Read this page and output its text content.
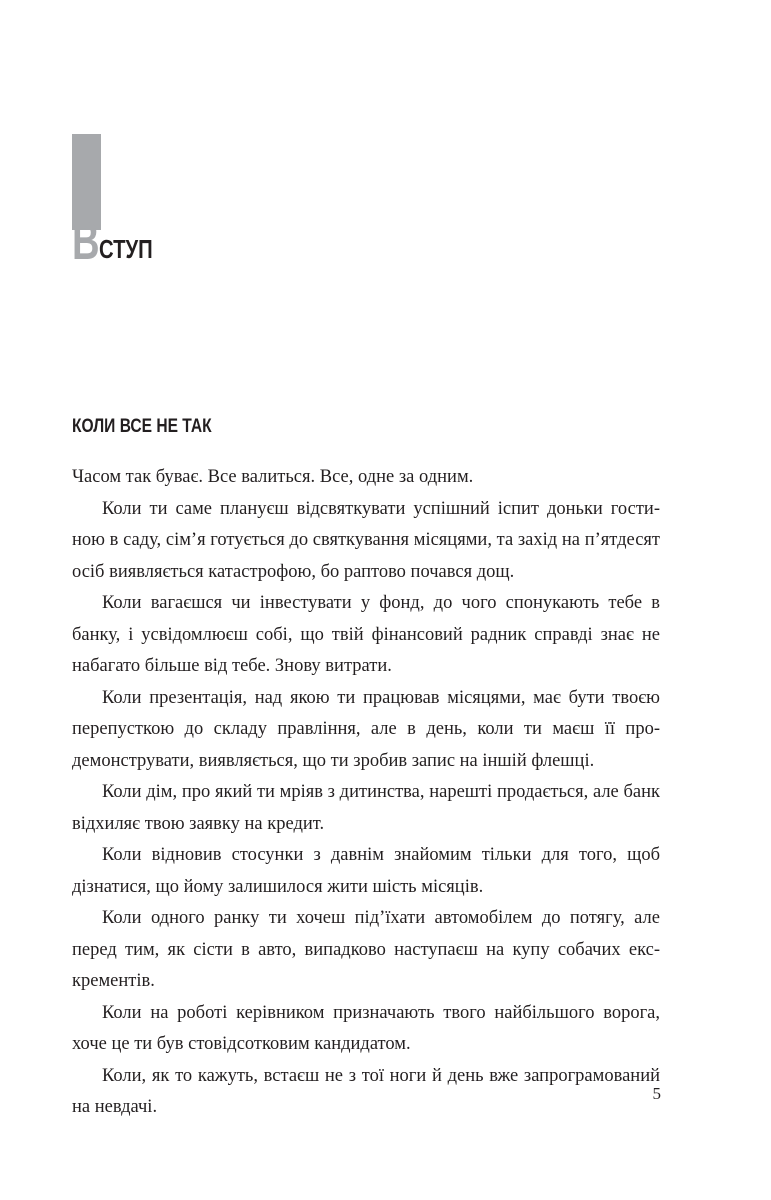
В СТУП
КОЛИ ВСЕ НЕ ТАК

Часом так буває. Все валиться. Все, одне за одним.

Коли ти саме плануєш відсвяткувати успішний іспит доньки гостиною в саду, сім’я готується до святкування місяцями, та захід на п’ятдесят осіб виявляється катастрофою, бо раптово почався дощ.

Коли вагаєшся чи інвестувати у фонд, до чого спонукають тебе в банку, і усвідомлюєш собі, що твій фінансовий радник справді знає не набагато більше від тебе. Знову витрати.

Коли презентація, над якою ти працював місяцями, має бути твоєю перепусткою до складу правління, але в день, коли ти маєш її продемонструвати, виявляється, що ти зробив запис на іншій флешці.

Коли дім, про який ти мріяв з дитинства, нарешті продається, але банк відхиляє твою заявку на кредит.

Коли відновив стосунки з давнім знайомим тільки для того, щоб дізнатися, що йому залишилося жити шість місяців.

Коли одного ранку ти хочеш під’їхати автомобілем до потягу, але перед тим, як сісти в авто, випадково наступаєш на купу собачих екскрементів.

Коли на роботі керівником призначають твого найбільшого ворога, хоче це ти був стовідсотковим кандидатом.

Коли, як то кажуть, встаєш не з тої ноги й день вже запрограмований на невдачі.

5
